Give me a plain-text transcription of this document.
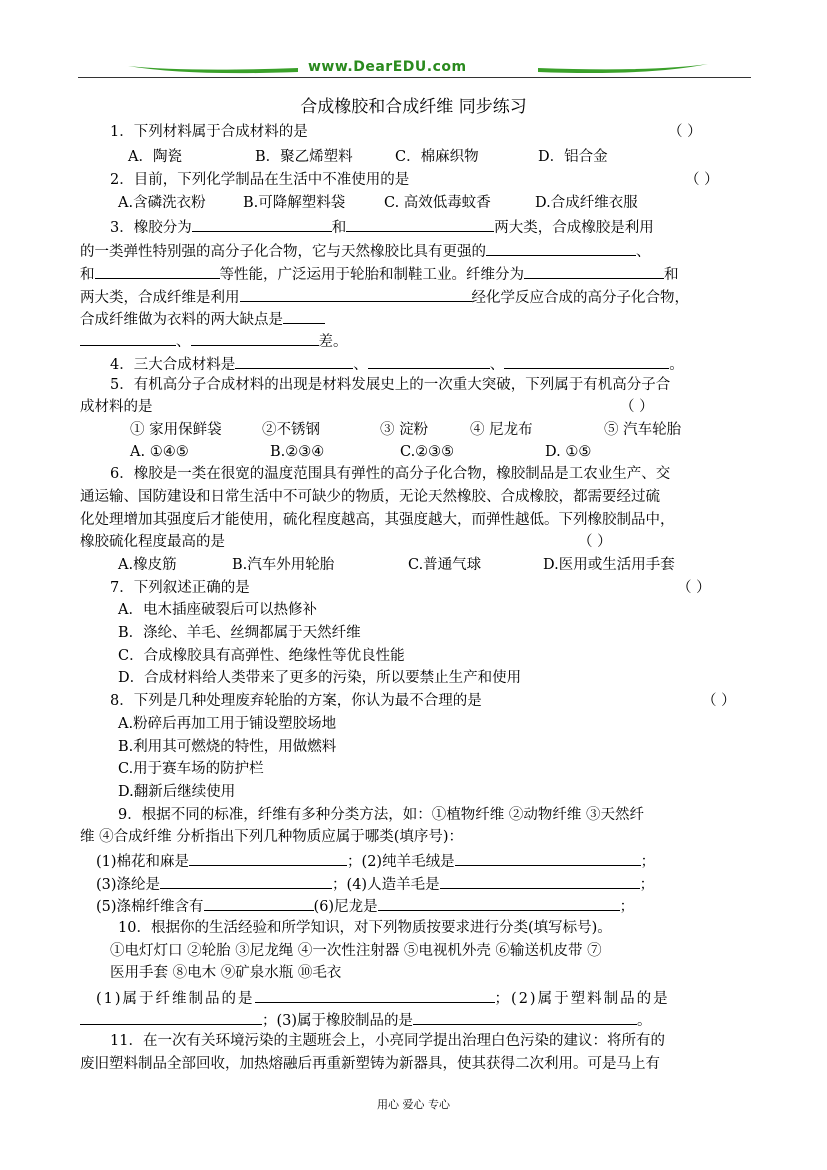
www.DearEDU.com
合成橡胶和合成纤维 同步练习
1．下列材料属于合成材料的是	（ ）
A．陶瓷	B．聚乙烯塑料	C．棉麻织物	D．铝合金
2．目前，下列化学制品在生活中不准使用的是	（ ）
A.含磷洗衣粉	B.可降解塑料袋	C. 高效低毒蚊香	D.合成纤维衣服
3．橡胶分为	和	两大类，合成橡胶是利用
的一类弹性特别强的高分子化合物，它与天然橡胶比具有更强的	、
和	等性能，广泛运用于轮胎和制鞋工业。纤维分为	和
两大类，合成纤维是利用	经化学反应合成的高分子化合物，
合成纤维做为衣料的两大缺点是
、	差。
4．三大合成材料是	、	、	。
5．有机高分子合成材料的出现是材料发展史上的一次重大突破，下列属于有机高分子合
成材料的是	（ ）
① 家用保鲜袋	②不锈钢	③ 淀粉	④ 尼龙布	⑤ 汽车轮胎
A. ①④⑤	B.②③④	C.②③⑤	D. ①⑤
6．橡胶是一类在很宽的温度范围具有弹性的高分子化合物，橡胶制品是工农业生产、交
通运输、国防建设和日常生活中不可缺少的物质，无论天然橡胶、合成橡胶，都需要经过硫
化处理增加其强度后才能使用，硫化程度越高，其强度越大，而弹性越低。下列橡胶制品中，
橡胶硫化程度最高的是	（ ）
A.橡皮筋	B.汽车外用轮胎	C.普通气球	D.医用或生活用手套
7．下列叙述正确的是	（ ）
A．电木插座破裂后可以热修补
B．涤纶、羊毛、丝绸都属于天然纤维
C．合成橡胶具有高弹性、绝缘性等优良性能
D．合成材料给人类带来了更多的污染，所以要禁止生产和使用
8．下列是几种处理废弃轮胎的方案，你认为最不合理的是	（ ）
A.粉碎后再加工用于铺设塑胶场地
B.利用其可燃烧的特性，用做燃料
C.用于赛车场的防护栏
D.翻新后继续使用
9．根据不同的标准，纤维有多种分类方法，如：①植物纤维 ②动物纤维 ③天然纤
维 ④合成纤维 分析指出下列几种物质应属于哪类(填序号)：
(1)棉花和麻是	；(2)纯羊毛绒是	；
(3)涤纶是	；(4)人造羊毛是	；
(5)涤棉纤维含有	(6)尼龙是	；
10．根据你的生活经验和所学知识，对下列物质按要求进行分类(填写标号)。
①电灯灯口 ②轮胎 ③尼龙绳 ④一次性注射器 ⑤电视机外壳 ⑥输送机皮带 ⑦
医用手套 ⑧电木 ⑨矿泉水瓶 ⑩毛衣
(1)属于纤维制品的是	；(2)属于塑料制品的是
；(3)属于橡胶制品的是	。
11．在一次有关环境污染的主题班会上，小亮同学提出治理白色污染的建议：将所有的
废旧塑料制品全部回收，加热熔融后再重新塑铸为新器具，使其获得二次利用。可是马上有
用心 爱心 专心
